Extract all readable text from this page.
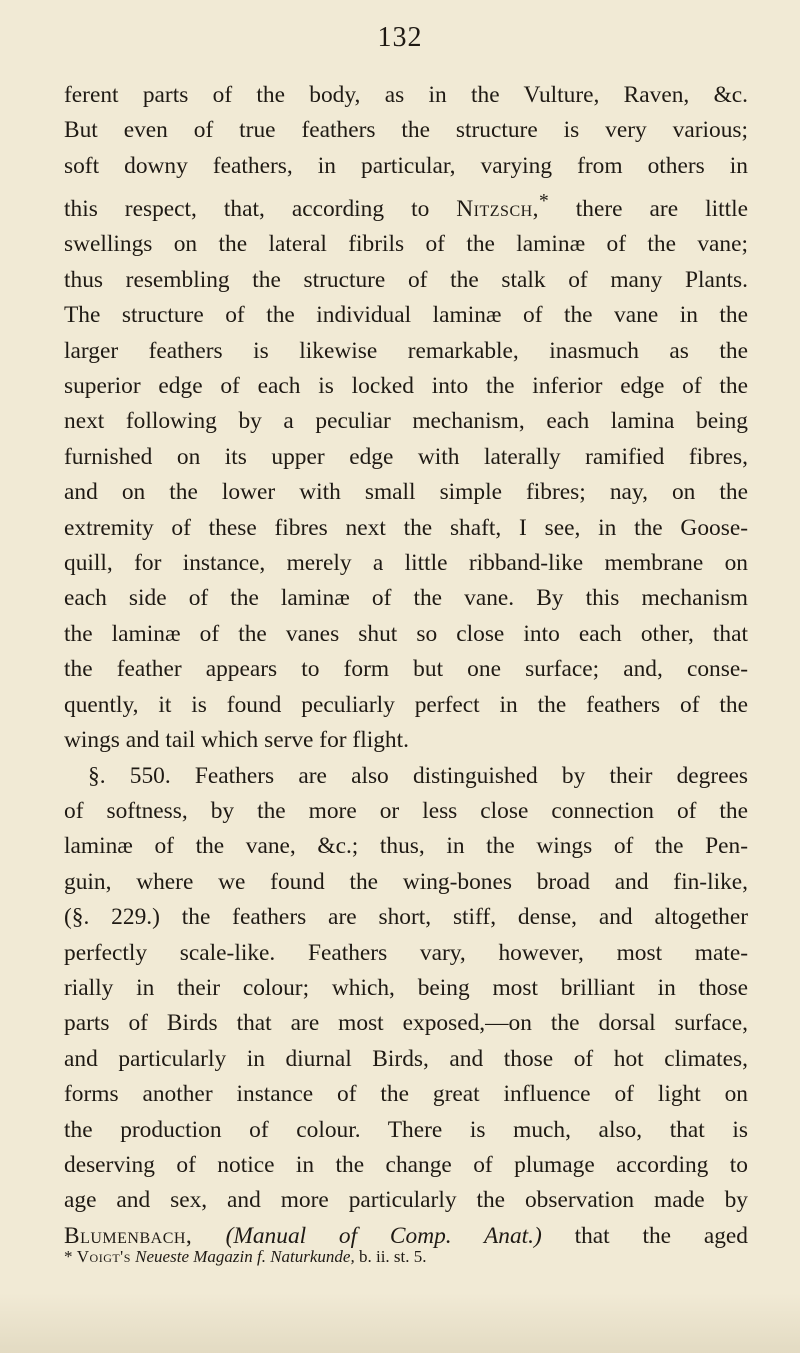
132
ferent parts of the body, as in the Vulture, Raven, &c.
But even of true feathers the structure is very various;
soft downy feathers, in particular, varying from others in
this respect, that, according to Nitzsch,* there are little
swellings on the lateral fibrils of the laminæ of the vane;
thus resembling the structure of the stalk of many Plants.
The structure of the individual laminæ of the vane in the
larger feathers is likewise remarkable, inasmuch as the
superior edge of each is locked into the inferior edge of the
next following by a peculiar mechanism, each lamina being
furnished on its upper edge with laterally ramified fibres,
and on the lower with small simple fibres; nay, on the
extremity of these fibres next the shaft, I see, in the Goose-
quill, for instance, merely a little ribband-like membrane on
each side of the laminæ of the vane. By this mechanism
the laminæ of the vanes shut so close into each other, that
the feather appears to form but one surface; and, conse-
quently, it is found peculiarly perfect in the feathers of the
wings and tail which serve for flight.
§. 550. Feathers are also distinguished by their degrees
of softness, by the more or less close connection of the
laminæ of the vane, &c.; thus, in the wings of the Pen-
guin, where we found the wing-bones broad and fin-like,
(§. 229.) the feathers are short, stiff, dense, and altogether
perfectly scale-like. Feathers vary, however, most mate-
rially in their colour; which, being most brilliant in those
parts of Birds that are most exposed,—on the dorsal surface,
and particularly in diurnal Birds, and those of hot climates,
forms another instance of the great influence of light on
the production of colour. There is much, also, that is
deserving of notice in the change of plumage according to
age and sex, and more particularly the observation made by
Blumenbach, (Manual of Comp. Anat.) that the aged
* Voigt's Neueste Magazin f. Naturkunde, b. ii. st. 5.
